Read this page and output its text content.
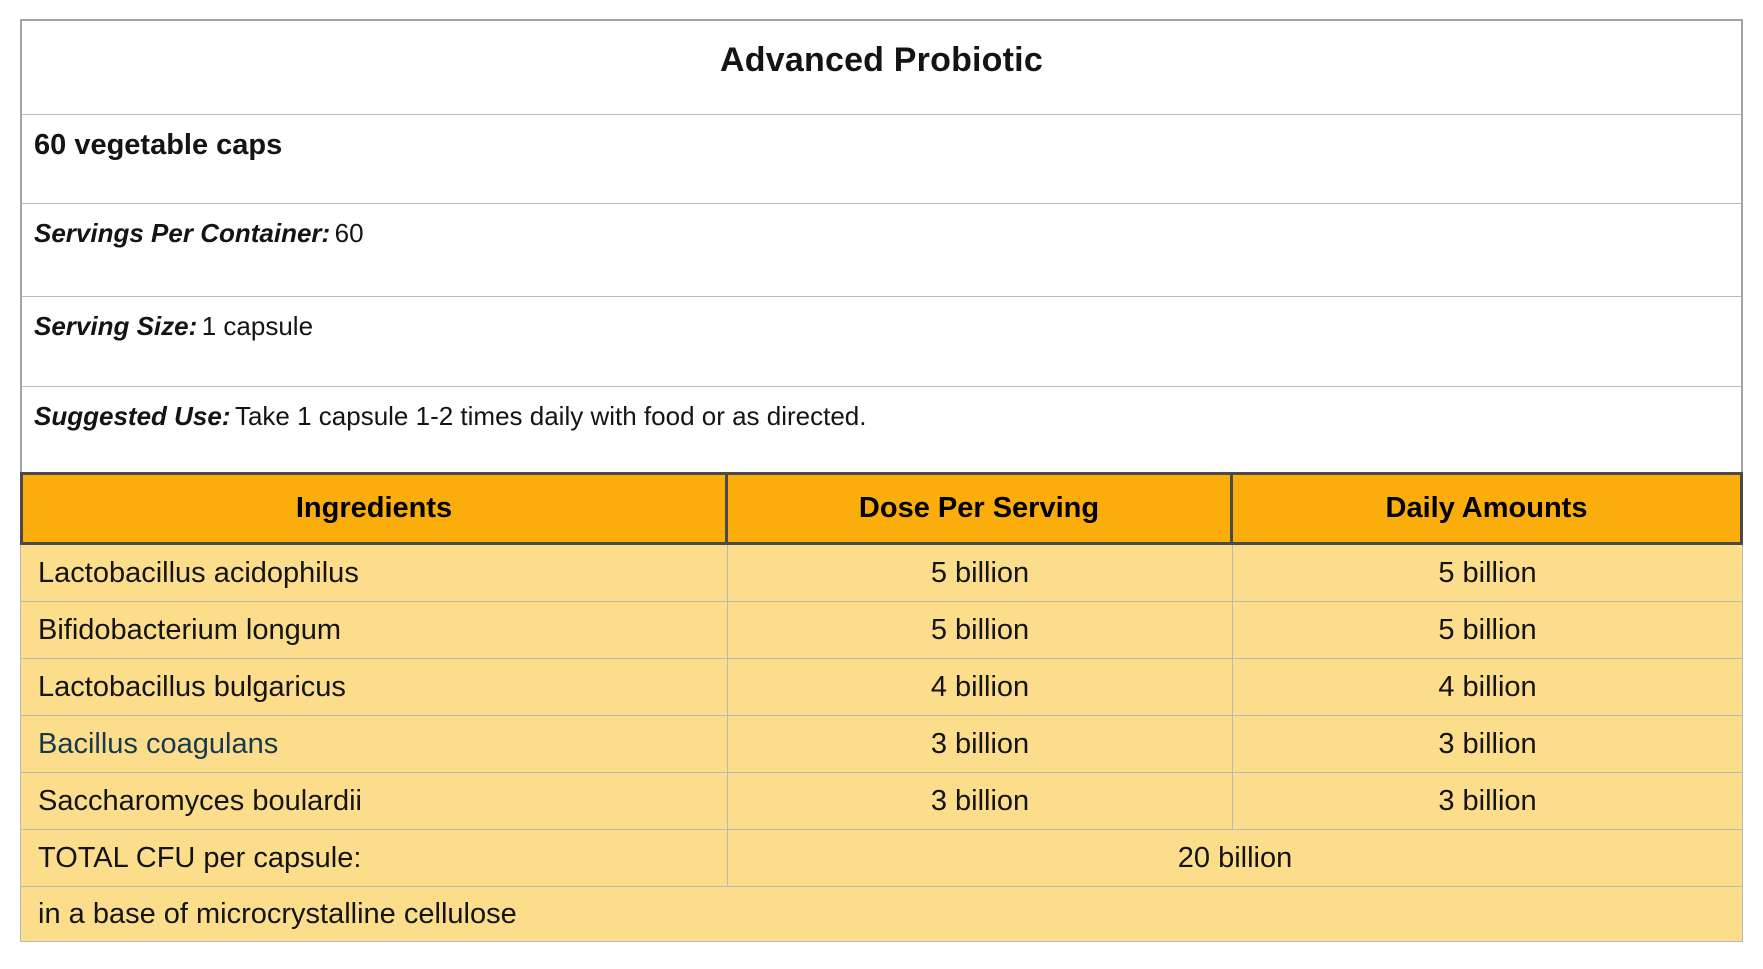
Advanced Probiotic
60 vegetable caps
Servings Per Container: 60
Serving Size: 1 capsule
Suggested Use: Take 1 capsule 1-2 times daily with food or as directed.
Ingredients	Dose Per Serving	Daily Amounts
Lactobacillus acidophilus	5 billion	5 billion
Bifidobacterium longum	5 billion	5 billion
Lactobacillus bulgaricus	4 billion	4 billion
Bacillus coagulans	3 billion	3 billion
Saccharomyces boulardii	3 billion	3 billion
TOTAL CFU per capsule:	20 billion
in a base of microcrystalline cellulose
